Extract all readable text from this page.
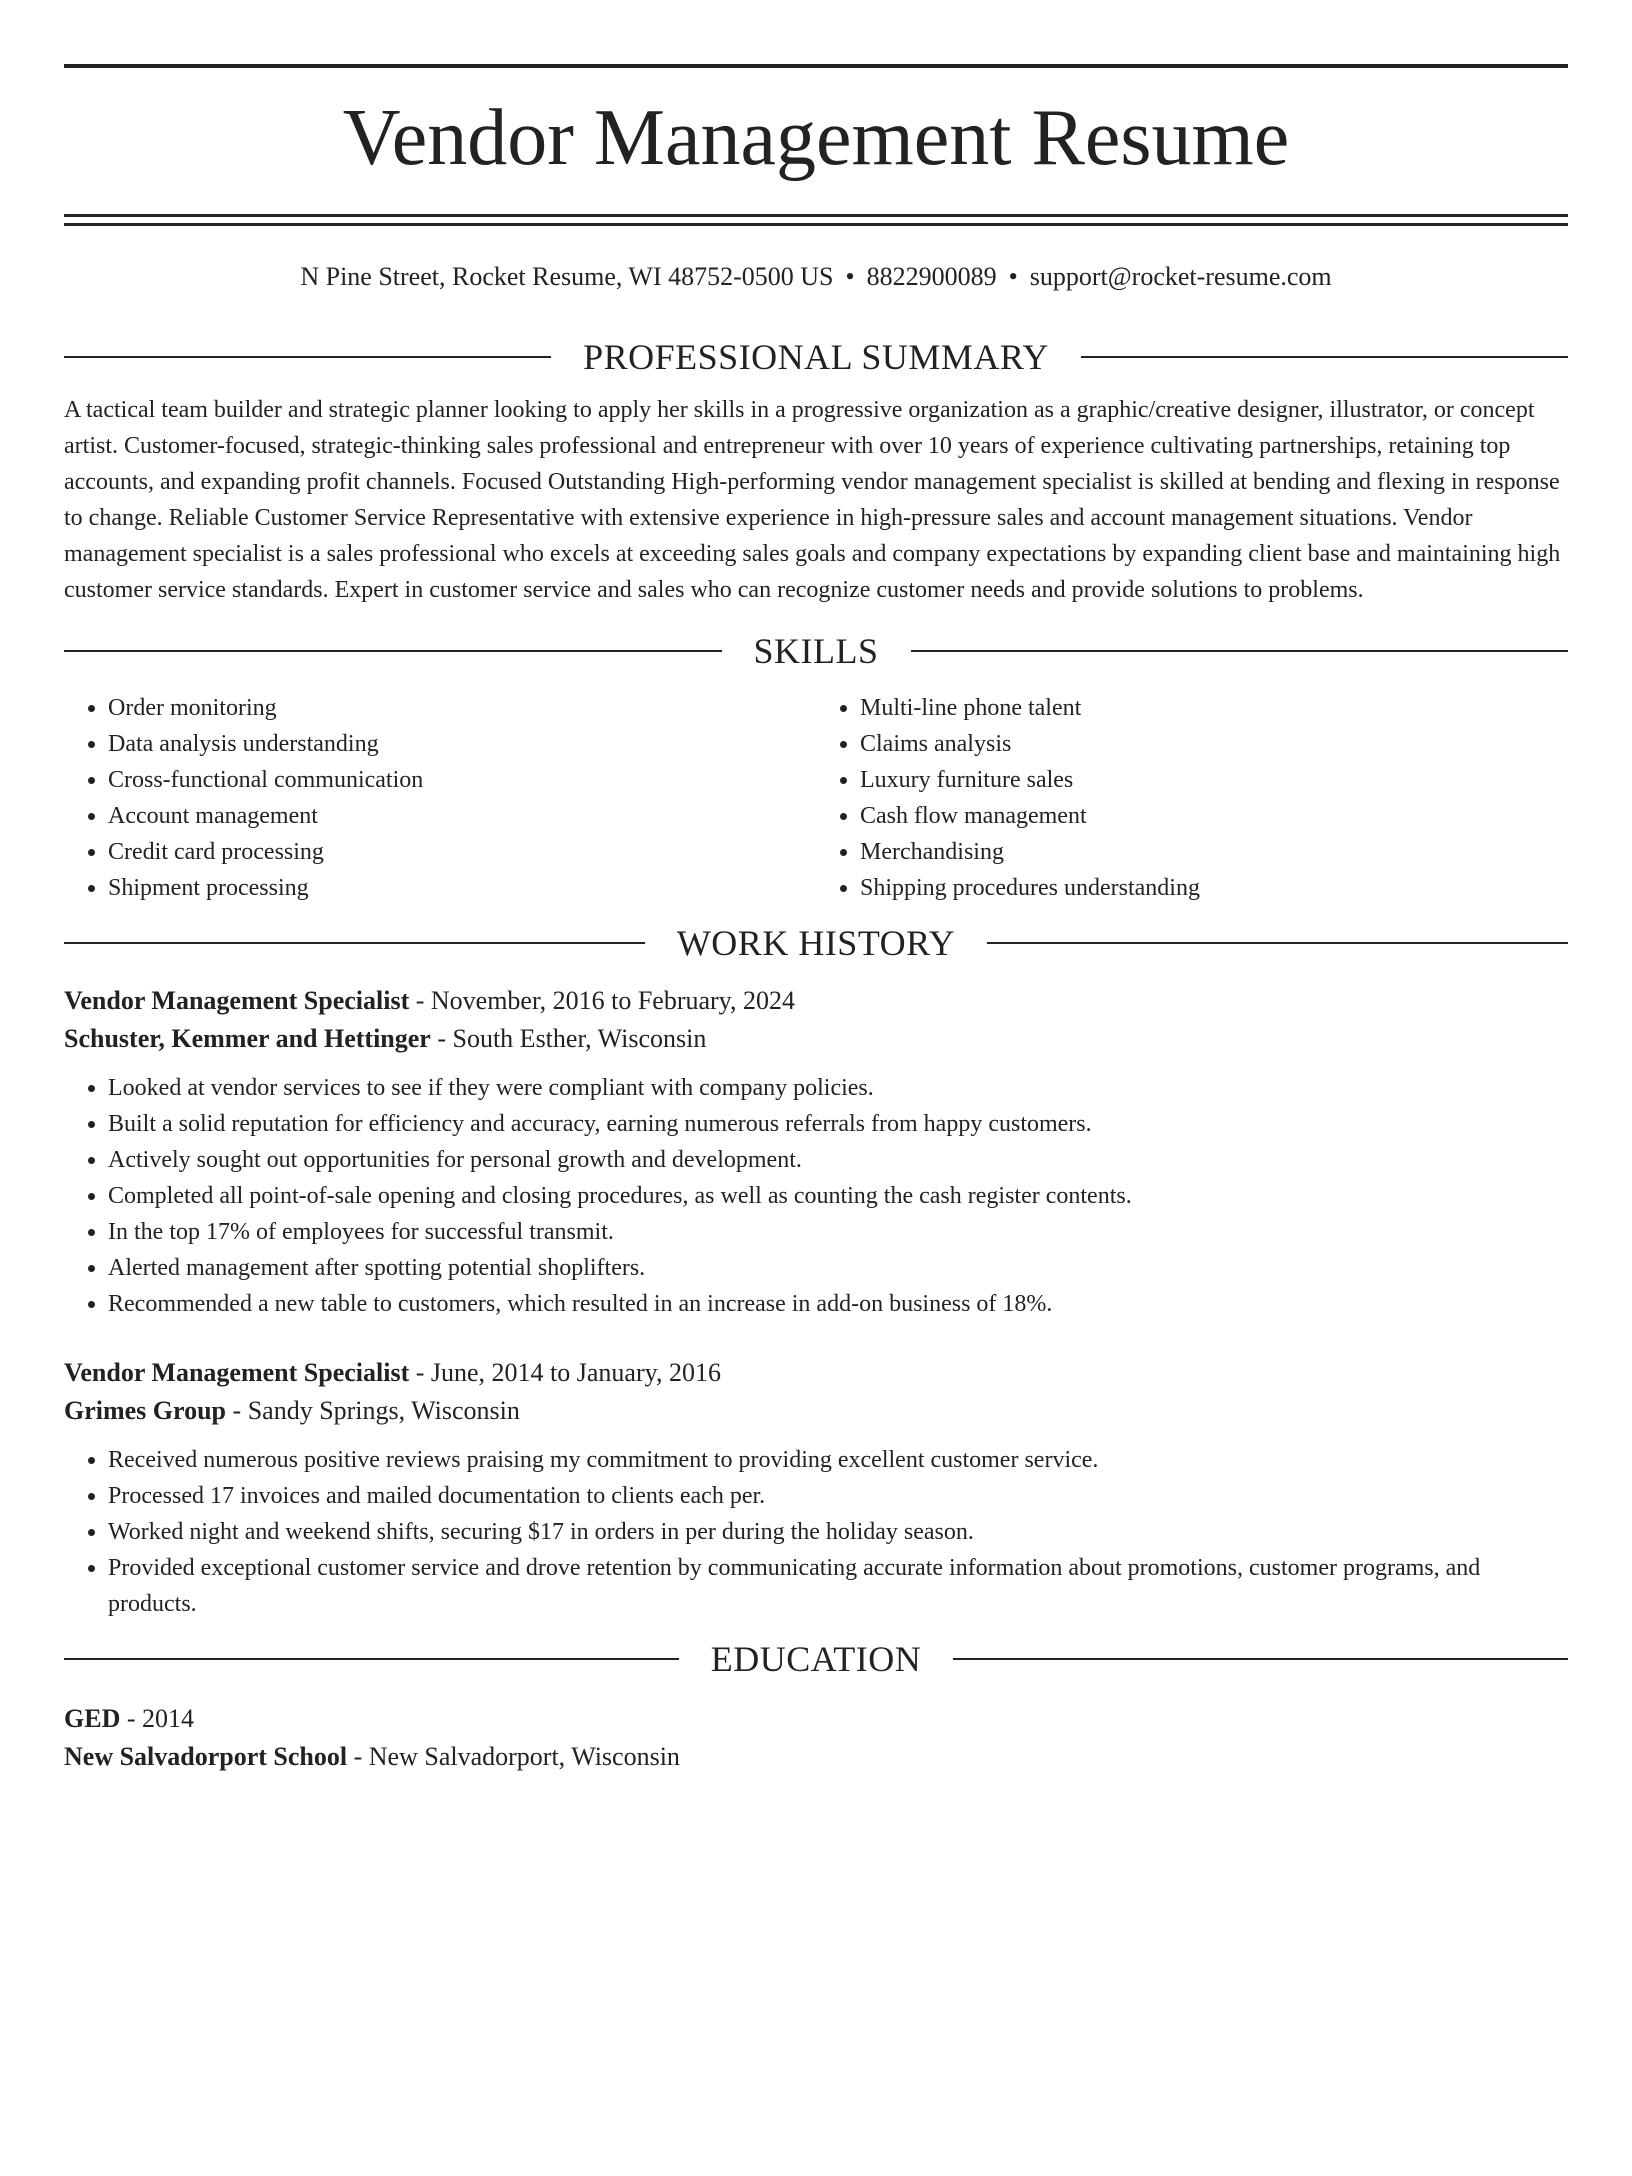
Vendor Management Resume
N Pine Street, Rocket Resume, WI 48752-0500 US • 8822900089 • support@rocket-resume.com
PROFESSIONAL SUMMARY

A tactical team builder and strategic planner looking to apply her skills in a progressive organization as a graphic/creative designer, illustrator, or concept artist. Customer-focused, strategic-thinking sales professional and entrepreneur with over 10 years of experience cultivating partnerships, retaining top accounts, and expanding profit channels. Focused Outstanding High-performing vendor management specialist is skilled at bending and flexing in response to change. Reliable Customer Service Representative with extensive experience in high-pressure sales and account management situations. Vendor management specialist is a sales professional who excels at exceeding sales goals and company expectations by expanding client base and maintaining high customer service standards. Expert in customer service and sales who can recognize customer needs and provide solutions to problems.

SKILLS
• Order monitoring
• Data analysis understanding
• Cross-functional communication
• Account management
• Credit card processing
• Shipment processing
• Multi-line phone talent
• Claims analysis
• Luxury furniture sales
• Cash flow management
• Merchandising
• Shipping procedures understanding
WORK HISTORY
Vendor Management Specialist - November, 2016 to February, 2024
Schuster, Kemmer and Hettinger - South Esther, Wisconsin
• Looked at vendor services to see if they were compliant with company policies.
• Built a solid reputation for efficiency and accuracy, earning numerous referrals from happy customers.
• Actively sought out opportunities for personal growth and development.
• Completed all point-of-sale opening and closing procedures, as well as counting the cash register contents.
• In the top 17% of employees for successful transmit.
• Alerted management after spotting potential shoplifters.
• Recommended a new table to customers, which resulted in an increase in add-on business of 18%.
Vendor Management Specialist - June, 2014 to January, 2016
Grimes Group - Sandy Springs, Wisconsin
• Received numerous positive reviews praising my commitment to providing excellent customer service.
• Processed 17 invoices and mailed documentation to clients each per.
• Worked night and weekend shifts, securing $17 in orders in per during the holiday season.
• Provided exceptional customer service and drove retention by communicating accurate information about promotions, customer programs, and products.
EDUCATION
GED - 2014
New Salvadorport School - New Salvadorport, Wisconsin
